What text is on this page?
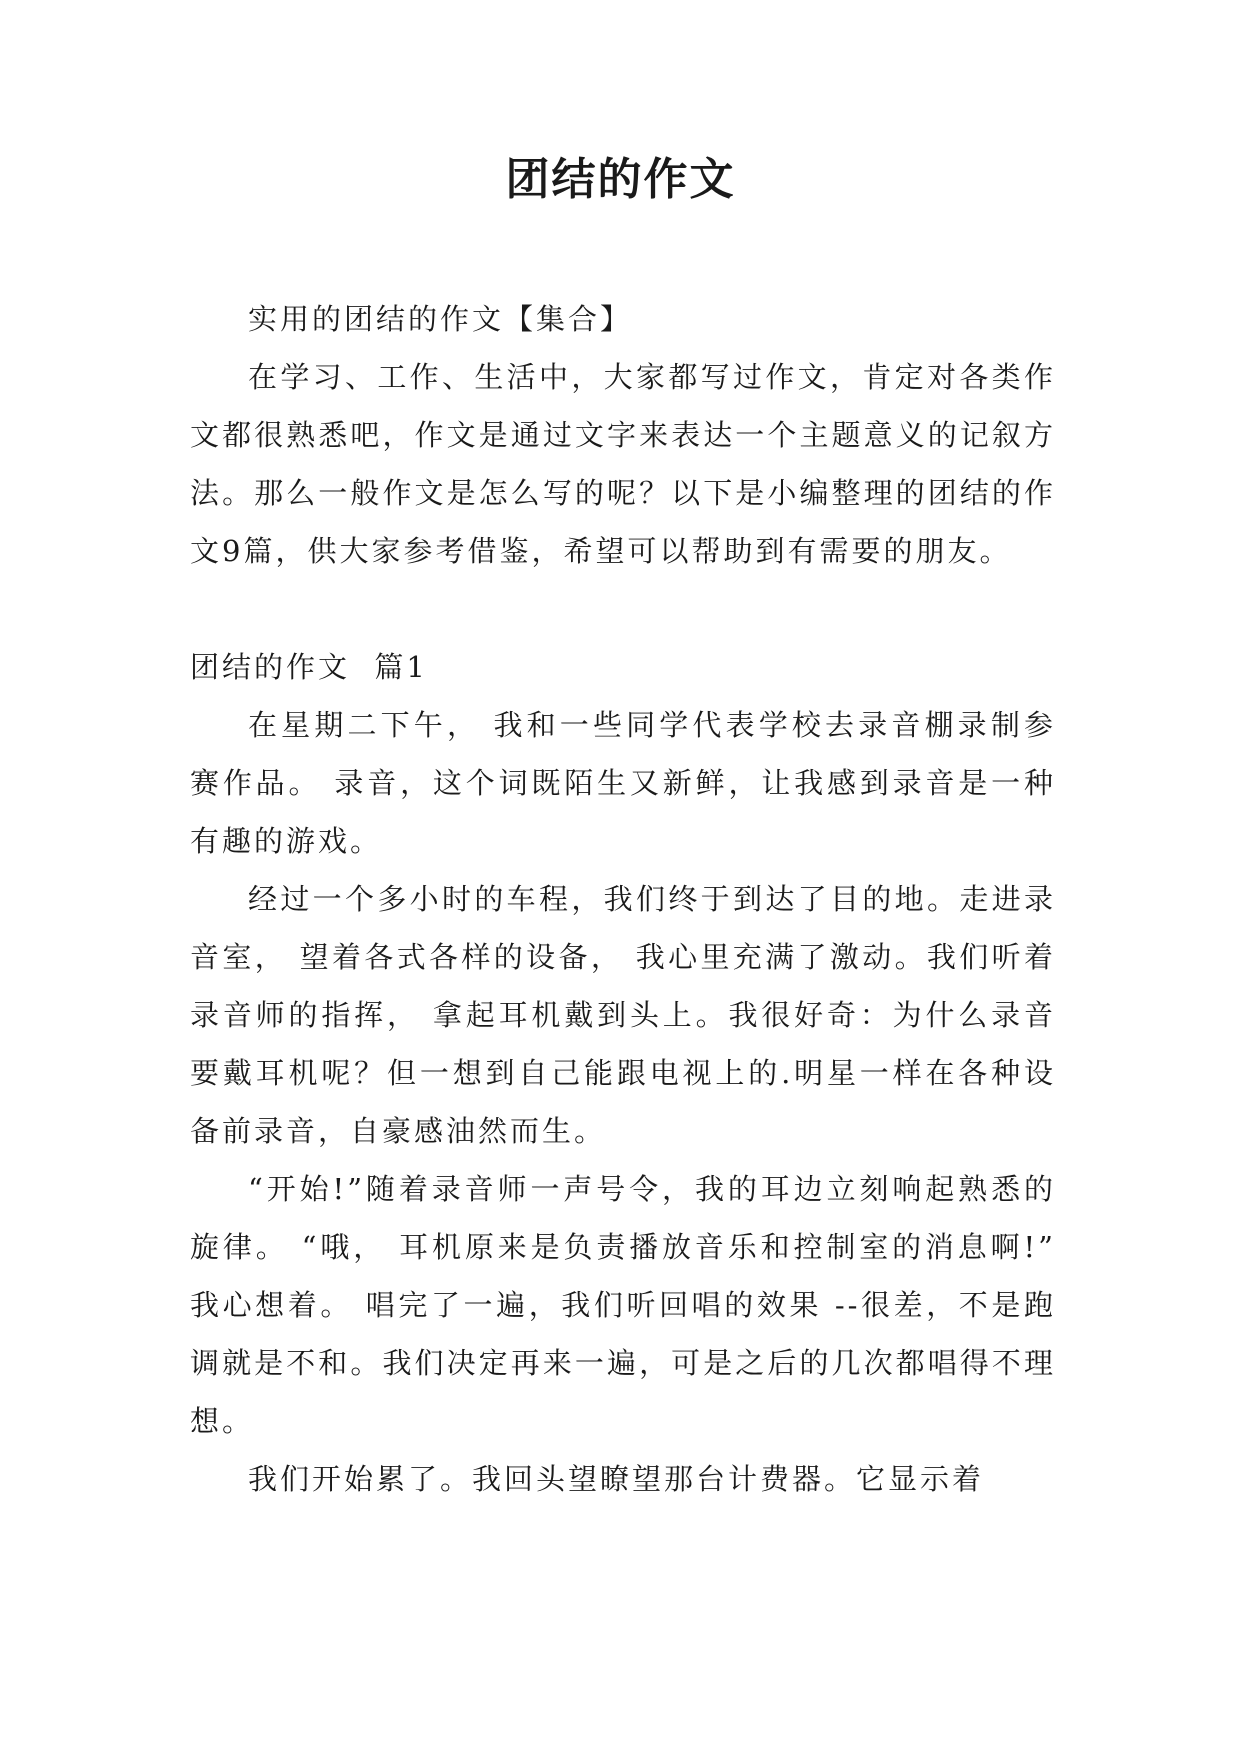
团结的作文

实用的团结的作文【集合】

在学习、工作、生活中，大家都写过作文，肯定对各类作文都很熟悉吧，作文是通过文字来表达一个主题意义的记叙方法。那么一般作文是怎么写的呢？以下是小编整理的团结的作文9篇，供大家参考借鉴，希望可以帮助到有需要的朋友。

团结的作文  篇1

在星期二下午， 我和一些同学代表学校去录音棚录制参赛作品。 录音，这个词既陌生又新鲜，让我感到录音是一种有趣的游戏。

经过一个多小时的车程，我们终于到达了目的地。走进录音室， 望着各式各样的设备， 我心里充满了激动。我们听着录音师的指挥， 拿起耳机戴到头上。我很好奇：为什么录音要戴耳机呢？但一想到自己能跟电视上的.明星一样在各种设备前录音，自豪感油然而生。

“开始!”随着录音师一声号令，我的耳边立刻响起熟悉的旋律。 “哦， 耳机原来是负责播放音乐和控制室的消息啊!” 我心想着。 唱完了一遍，我们听回唱的效果 --很差，不是跑调就是不和。我们决定再来一遍，可是之后的几次都唱得不理想。

我们开始累了。我回头望瞭望那台计费器。它显示着
